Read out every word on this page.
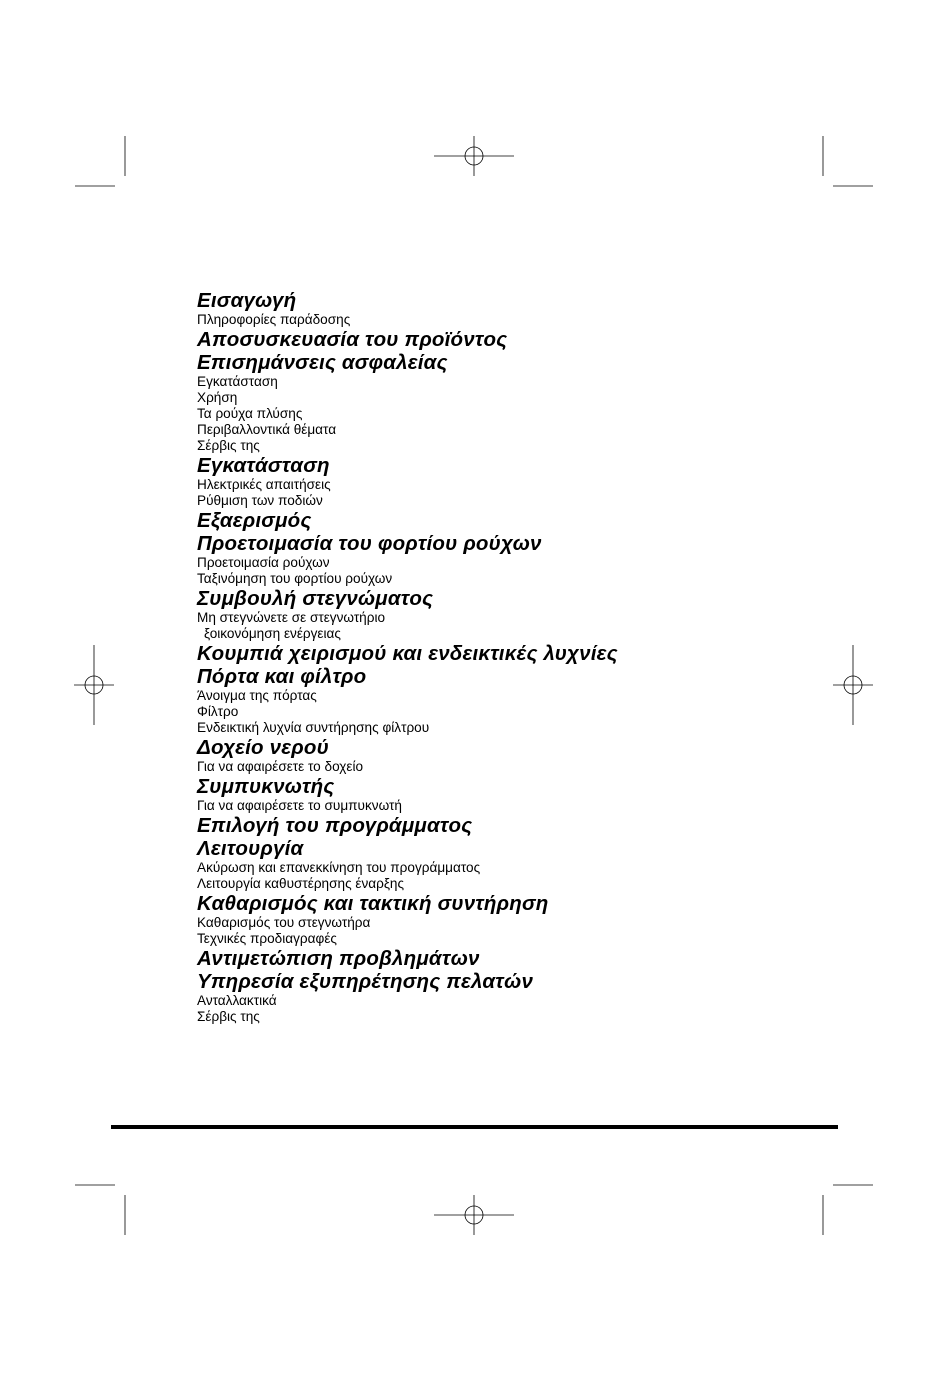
Εισαγωγή
Πληροφορίες παράδοσης
Αποσυσκευασία του προϊόντος
Επισημάνσεις ασφαλείας
Εγκατάσταση
Χρήση
Τα ρούχα πλύσης
Περιβαλλοντικά θέματα
Σέρβις της
Εγκατάσταση
Ηλεκτρικές απαιτήσεις
Ρύθμιση των ποδιών
Εξαερισμός
Προετοιμασία του φορτίου ρούχων
Προετοιμασία ρούχων
Ταξινόμηση του φορτίου ρούχων
Συμβουλή στεγνώματος
Μη στεγνώνετε σε στεγνωτήριο
ξοικονόμηση ενέργειας
Κουμπιά χειρισμού και ενδεικτικές λυχνίες
Πόρτα και φίλτρο
Άνοιγμα της πόρτας
Φίλτρο
Ενδεικτική λυχνία συντήρησης φίλτρου
Δοχείο νερού
Για να αφαιρέσετε το δοχείο
Συμπυκνωτής
Για να αφαιρέσετε το συμπυκνωτή
Επιλογή του προγράμματος
Λειτουργία
Ακύρωση και επανεκκίνηση του προγράμματος
Λειτουργία καθυστέρησης έναρξης
Καθαρισμός και τακτική συντήρηση
Καθαρισμός του στεγνωτήρα
Τεχνικές προδιαγραφές
Αντιμετώπιση προβλημάτων
Υπηρεσία εξυπηρέτησης πελατών
Ανταλλακτικά
Σέρβις της
